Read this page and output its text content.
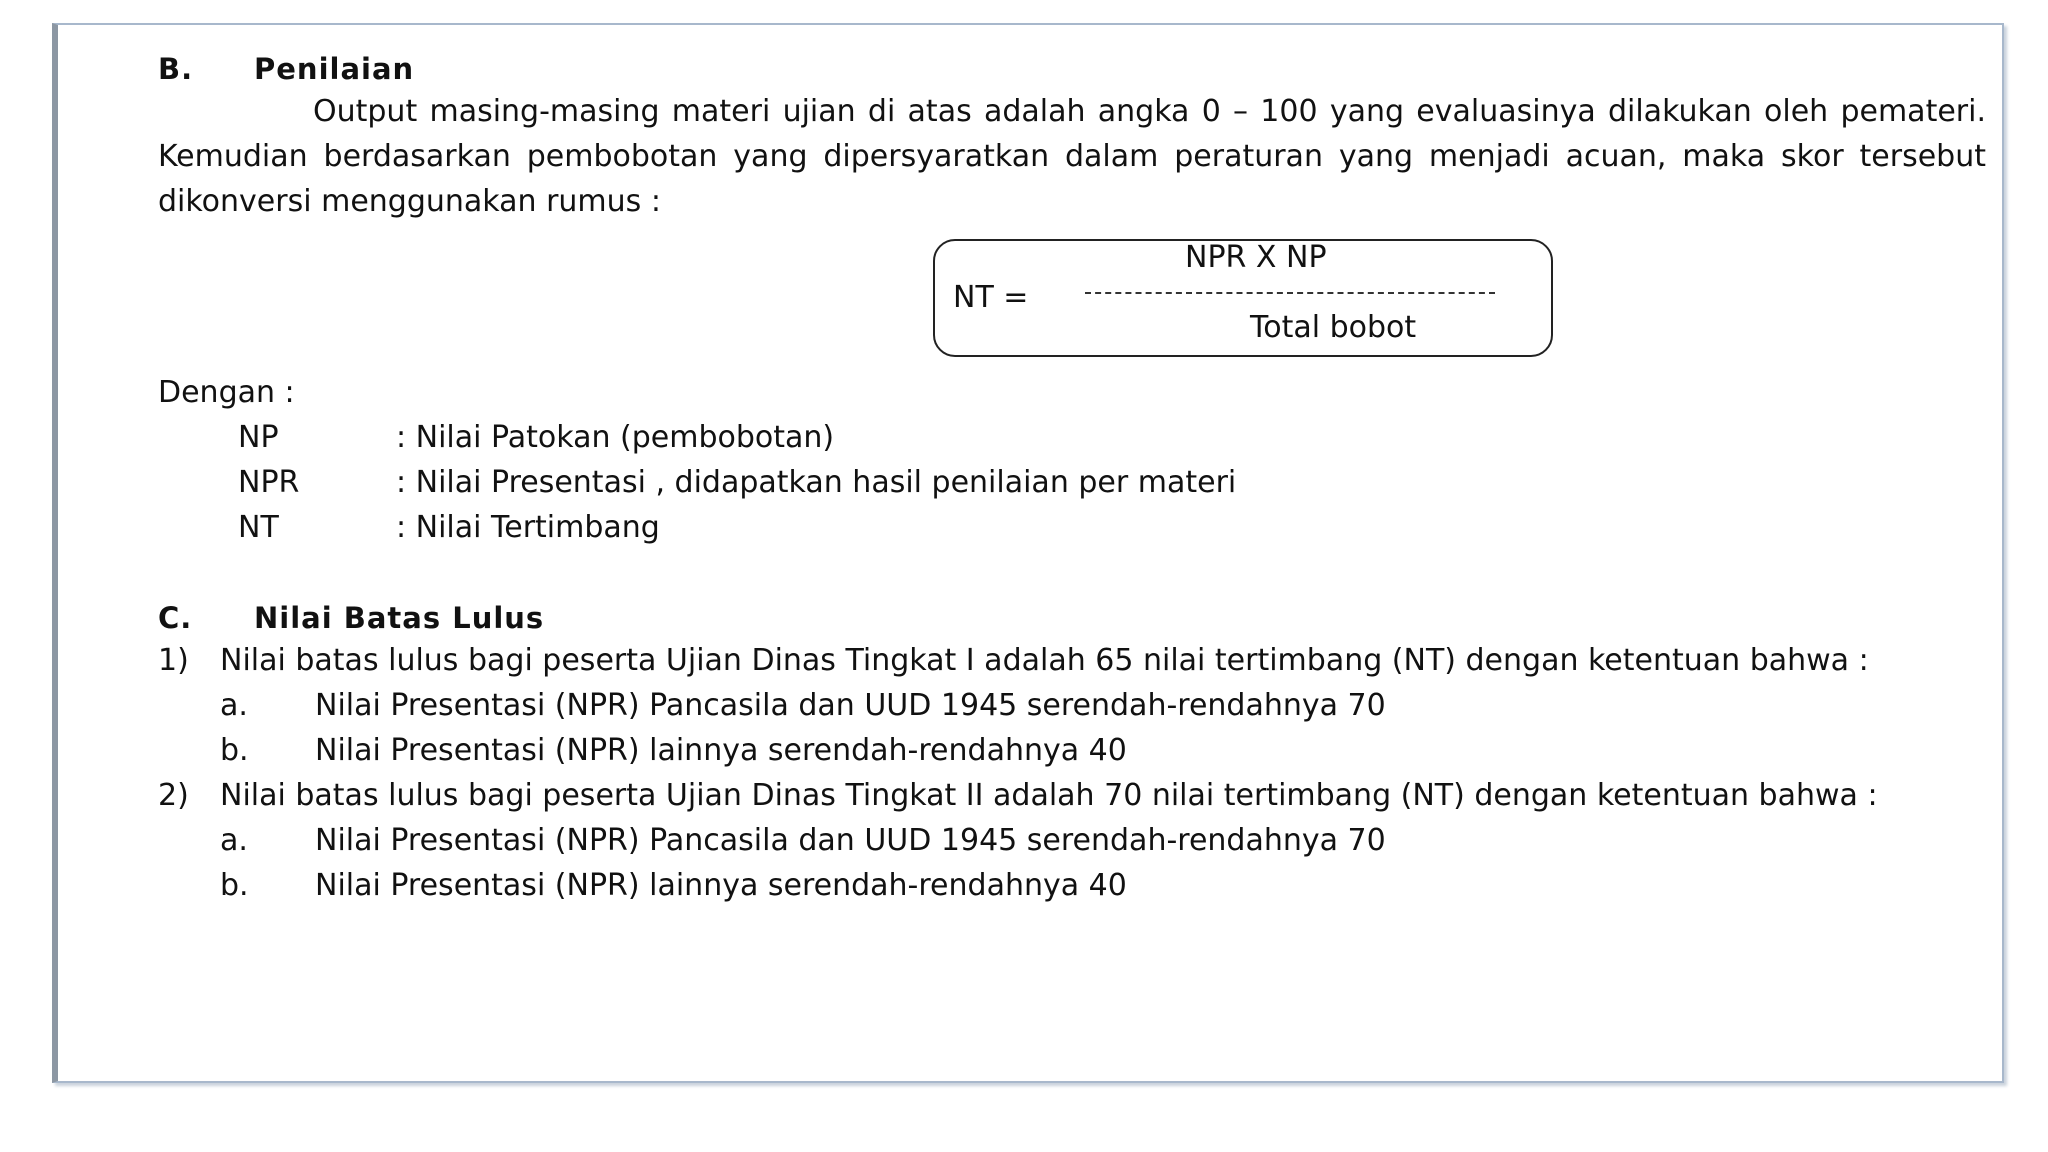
B. Penilaian
Output masing-masing materi ujian di atas adalah angka 0 – 100 yang evaluasinya dilakukan oleh pemateri. Kemudian berdasarkan pembobotan yang dipersyaratkan dalam peraturan yang menjadi acuan, maka skor tersebut dikonversi menggunakan rumus :
NPR X NP
NT =
Total bobot
Dengan :
NP	: Nilai Patokan (pembobotan)
NPR	: Nilai Presentasi , didapatkan hasil penilaian per materi
NT	: Nilai Tertimbang
C. Nilai Batas Lulus
1) Nilai batas lulus bagi peserta Ujian Dinas Tingkat I adalah 65 nilai tertimbang (NT) dengan ketentuan bahwa :
a. Nilai Presentasi (NPR) Pancasila dan UUD 1945 serendah-rendahnya 70
b. Nilai Presentasi (NPR) lainnya serendah-rendahnya 40
2) Nilai batas lulus bagi peserta Ujian Dinas Tingkat II adalah 70 nilai tertimbang (NT) dengan ketentuan bahwa :
a. Nilai Presentasi (NPR) Pancasila dan UUD 1945 serendah-rendahnya 70
b. Nilai Presentasi (NPR) lainnya serendah-rendahnya 40
